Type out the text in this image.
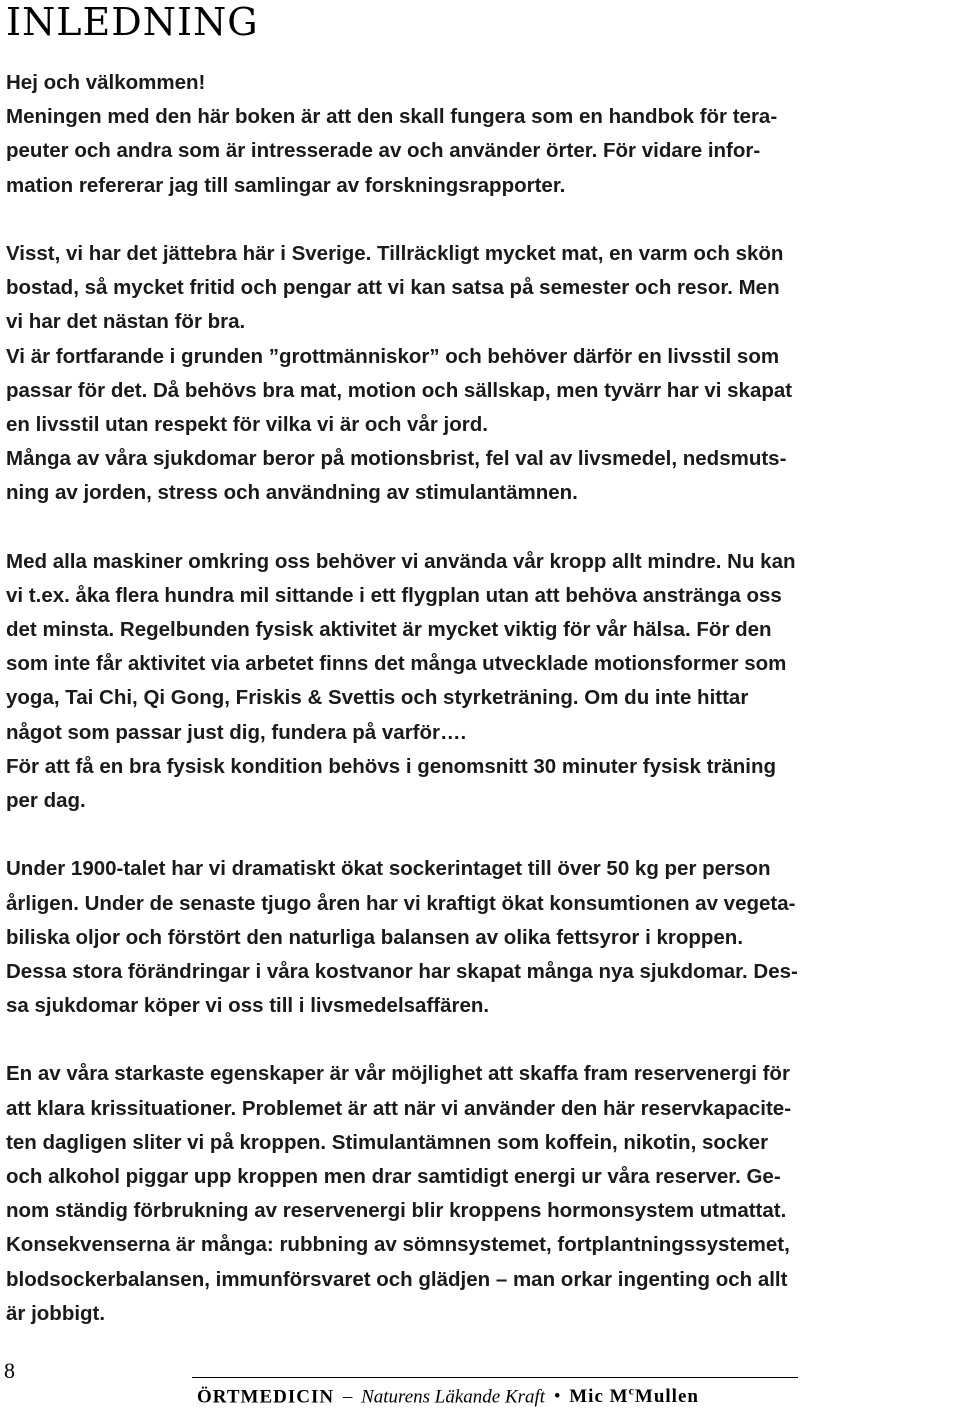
INLEDNING
Hej och välkommen!
Meningen med den här boken är att den skall fungera som en handbok för tera-
peuter och andra som är intresserade av och använder örter. För vidare infor-
mation refererar jag till samlingar av forskningsrapporter.
Visst, vi har det jättebra här i Sverige. Tillräckligt mycket mat, en varm och skön
bostad, så mycket fritid och pengar att vi kan satsa på semester och resor. Men
vi har det nästan för bra.
Vi är fortfarande i grunden ”grottmänniskor” och behöver därför en livsstil som
passar för det. Då behövs bra mat, motion och sällskap, men tyvärr har vi skapat
en livsstil utan respekt för vilka vi är och vår jord.
Många av våra sjukdomar beror på motionsbrist, fel val av livsmedel, nedsmuts-
ning av jorden, stress och användning av stimulantämnen.
Med alla maskiner omkring oss behöver vi använda vår kropp allt mindre. Nu kan
vi t.ex. åka flera hundra mil sittande i ett flygplan utan att behöva anstränga oss
det minsta. Regelbunden fysisk aktivitet är mycket viktig för vår hälsa. För den
som inte får aktivitet via arbetet finns det många utvecklade motionsformer som
yoga, Tai Chi, Qi Gong, Friskis & Svettis och styrketräning. Om du inte hittar
något som passar just dig, fundera på varför….
För att få en bra fysisk kondition behövs i genomsnitt 30 minuter fysisk träning
per dag.
Under 1900-talet har vi dramatiskt ökat sockerintaget till över 50 kg per person
årligen. Under de senaste tjugo åren har vi kraftigt ökat konsumtionen av vegeta-
biliska oljor och förstört den naturliga balansen av olika fettsyror i kroppen.
Dessa stora förändringar i våra kostvanor har skapat många nya sjukdomar. Des-
sa sjukdomar köper vi oss till i livsmedelsaffären.
En av våra starkaste egenskaper är vår möjlighet att skaffa fram reservenergi för
att klara krissituationer. Problemet är att när vi använder den här reservkapacite-
ten dagligen sliter vi på kroppen. Stimulantämnen som koffein, nikotin, socker
och alkohol piggar upp kroppen men drar samtidigt energi ur våra reserver. Ge-
nom ständig förbrukning av reservenergi blir kroppens hormonsystem utmattat.
Konsekvenserna är många: rubbning av sömnsystemet, fortplantningssystemet,
blodsockerbalansen, immunförsvaret och glädjen – man orkar ingenting och allt
är jobbigt.
8
ÖRTMEDICIN – Naturens Läkande Kraft • Mic $M^cMullen$
